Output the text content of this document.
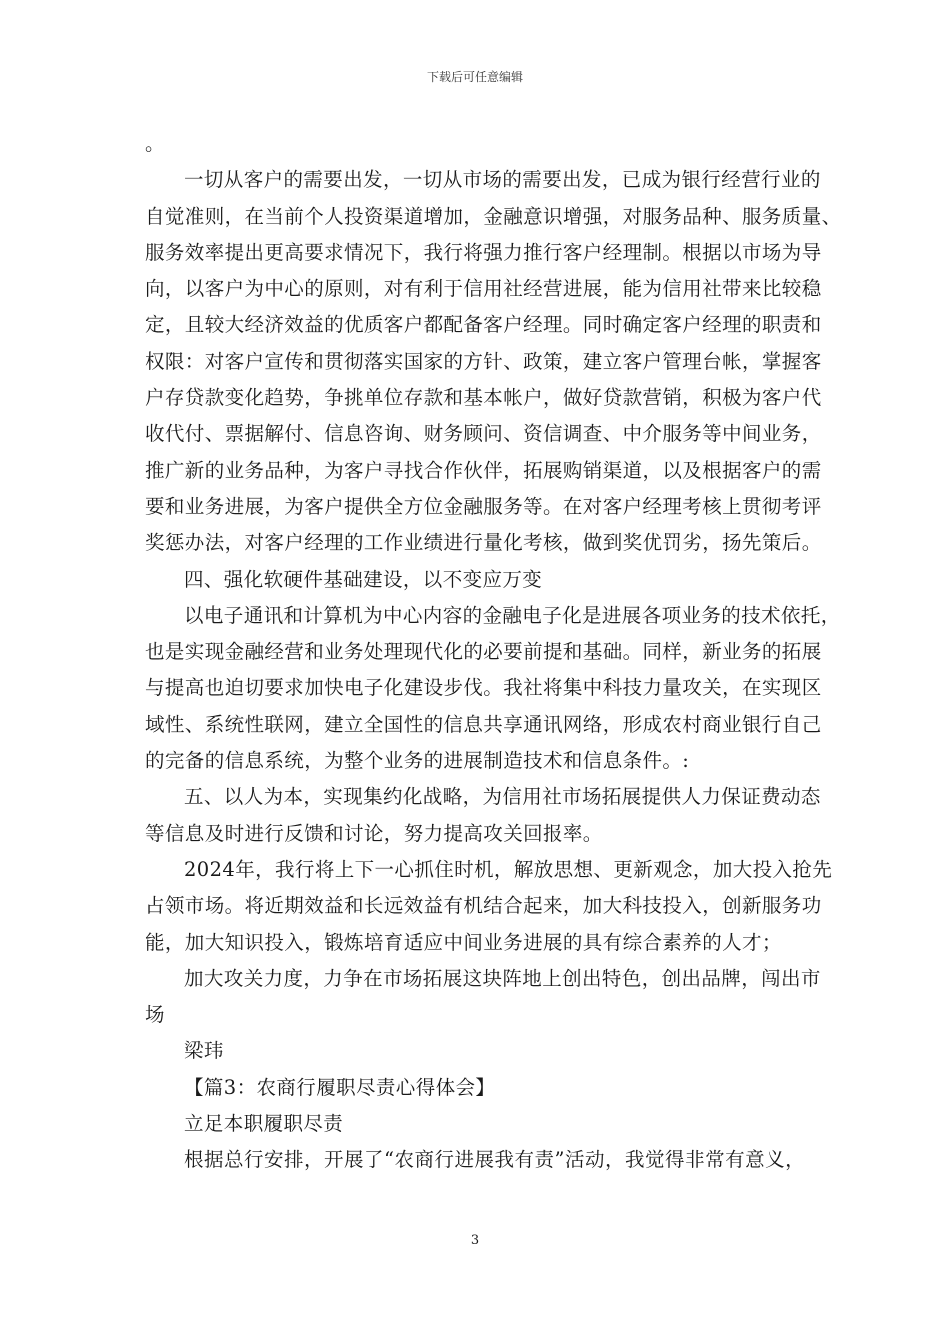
下载后可任意编辑
。
一切从客户的需要出发，一切从市场的需要出发，已成为银行经营行业的
自觉准则，在当前个人投资渠道增加，金融意识增强，对服务品种、服务质量、
服务效率提出更高要求情况下，我行将强力推行客户经理制。根据以市场为导
向，以客户为中心的原则，对有利于信用社经营进展，能为信用社带来比较稳
定，且较大经济效益的优质客户都配备客户经理。同时确定客户经理的职责和
权限：对客户宣传和贯彻落实国家的方针、政策，建立客户管理台帐，掌握客
户存贷款变化趋势，争挑单位存款和基本帐户，做好贷款营销，积极为客户代
收代付、票据解付、信息咨询、财务顾问、资信调查、中介服务等中间业务，
推广新的业务品种，为客户寻找合作伙伴，拓展购销渠道，以及根据客户的需
要和业务进展，为客户提供全方位金融服务等。在对客户经理考核上贯彻考评
奖惩办法，对客户经理的工作业绩进行量化考核，做到奖优罚劣，扬先策后。
四、强化软硬件基础建设，以不变应万变
以电子通讯和计算机为中心内容的金融电子化是进展各项业务的技术依托，
也是实现金融经营和业务处理现代化的必要前提和基础。同样，新业务的拓展
与提高也迫切要求加快电子化建设步伐。我社将集中科技力量攻关，在实现区
域性、系统性联网，建立全国性的信息共享通讯网络，形成农村商业银行自己
的完备的信息系统，为整个业务的进展制造技术和信息条件。:
五、以人为本，实现集约化战略，为信用社市场拓展提供人力保证费动态
等信息及时进行反馈和讨论，努力提高攻关回报率。
2024年，我行将上下一心抓住时机，解放思想、更新观念，加大投入抢先
占领市场。将近期效益和长远效益有机结合起来，加大科技投入，创新服务功
能，加大知识投入，锻炼培育适应中间业务进展的具有综合素养的人才；
加大攻关力度，力争在市场拓展这块阵地上创出特色，创出品牌，闯出市
场
梁玮
【篇3：农商行履职尽责心得体会】
立足本职履职尽责
根据总行安排，开展了“农商行进展我有责”活动，我觉得非常有意义，
3
